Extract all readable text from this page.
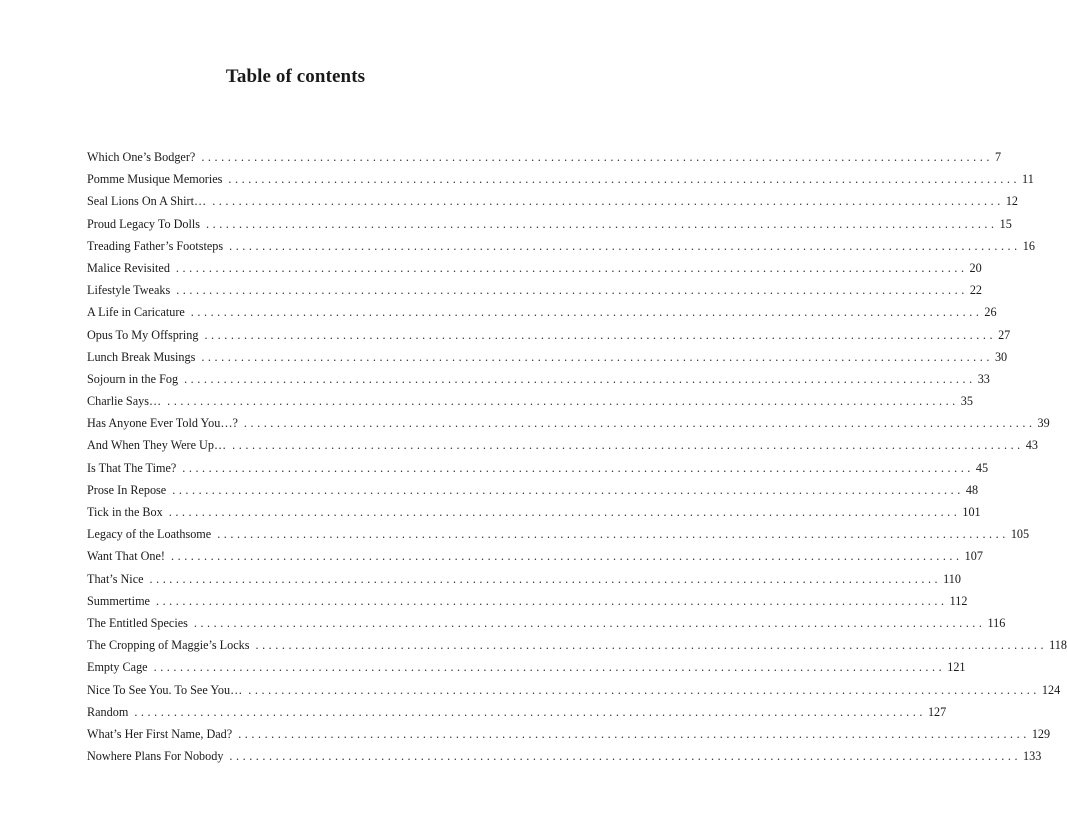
Table of contents
Which One’s Bodger? ........................................................................................................................ 7
Pomme Musique Memories ........................................................................................................................ 11
Seal Lions On A Shirt… ........................................................................................................................ 12
Proud Legacy To Dolls ........................................................................................................................ 15
Treading Father’s Footsteps ........................................................................................................................ 16
Malice Revisited ........................................................................................................................ 20
Lifestyle Tweaks ........................................................................................................................ 22
A Life in Caricature ........................................................................................................................ 26
Opus To My Offspring ........................................................................................................................ 27
Lunch Break Musings ........................................................................................................................ 30
Sojourn in the Fog ........................................................................................................................ 33
Charlie Says… ........................................................................................................................ 35
Has Anyone Ever Told You…? ........................................................................................................................ 39
And When They Were Up… ........................................................................................................................ 43
Is That The Time? ........................................................................................................................ 45
Prose In Repose ........................................................................................................................ 48
Tick in the Box ........................................................................................................................ 101
Legacy of the Loathsome ........................................................................................................................ 105
Want That One! ........................................................................................................................ 107
That’s Nice ........................................................................................................................ 110
Summertime ........................................................................................................................ 112
The Entitled Species ........................................................................................................................ 116
The Cropping of Maggie’s Locks ........................................................................................................................ 118
Empty Cage ........................................................................................................................ 121
Nice To See You. To See You… ........................................................................................................................ 124
Random ........................................................................................................................ 127
What’s Her First Name, Dad? ........................................................................................................................ 129
Nowhere Plans For Nobody ........................................................................................................................ 133
